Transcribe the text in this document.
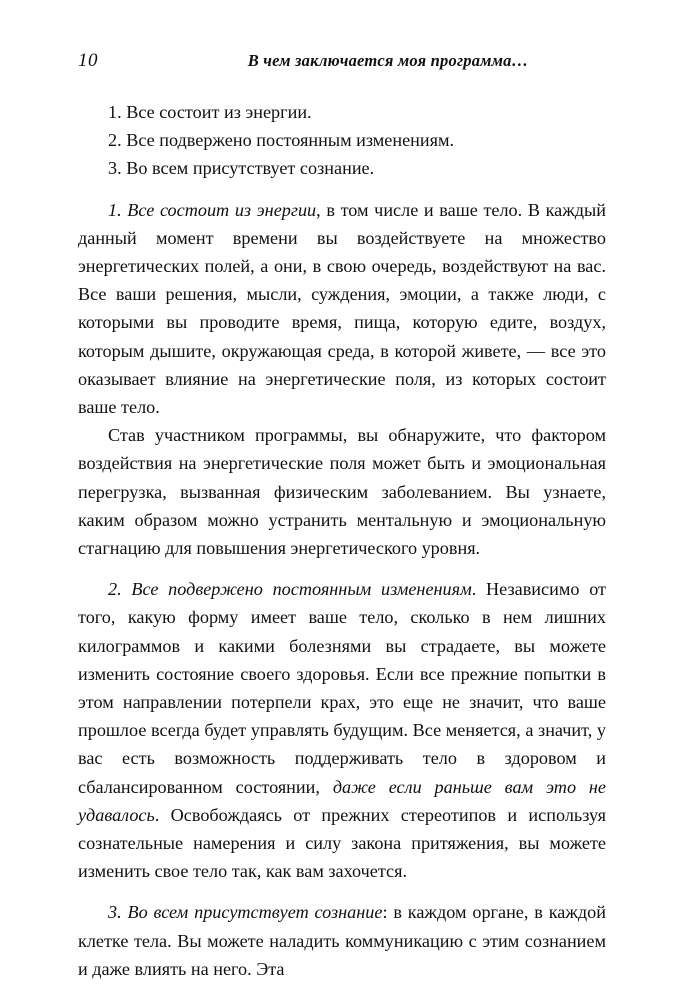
10	В чем заключается моя программа…

1. Все состоит из энергии.

2. Все подвержено постоянным изменениям.

3. Во всем присутствует сознание.

1. Все состоит из энергии, в том числе и ваше тело. В каждый данный момент времени вы воздействуете на множество энергетических полей, а они, в свою очередь, воздействуют на вас. Все ваши решения, мысли, суждения, эмоции, а также люди, с которыми вы проводите время, пища, которую едите, воздух, которым дышите, окружающая среда, в которой живете, — все это оказывает влияние на энергетические поля, из которых состоит ваше тело.

Став участником программы, вы обнаружите, что фактором воздействия на энергетические поля может быть и эмоциональная перегрузка, вызванная физическим заболеванием. Вы узнаете, каким образом можно устранить ментальную и эмоциональную стагнацию для повышения энергетического уровня.

2. Все подвержено постоянным изменениям. Независимо от того, какую форму имеет ваше тело, сколько в нем лишних килограммов и какими болезнями вы страдаете, вы можете изменить состояние своего здоровья. Если все прежние попытки в этом направлении потерпели крах, это еще не значит, что ваше прошлое всегда будет управлять будущим. Все меняется, а значит, у вас есть возможность поддерживать тело в здоровом и сбалансированном состоянии, даже если раньше вам это не удавалось. Освобождаясь от прежних стереотипов и используя сознательные намерения и силу закона притяжения, вы можете изменить свое тело так, как вам захочется.

3. Во всем присутствует сознание: в каждом органе, в каждой клетке тела. Вы можете наладить коммуникацию с этим сознанием и даже влиять на него. Эта
